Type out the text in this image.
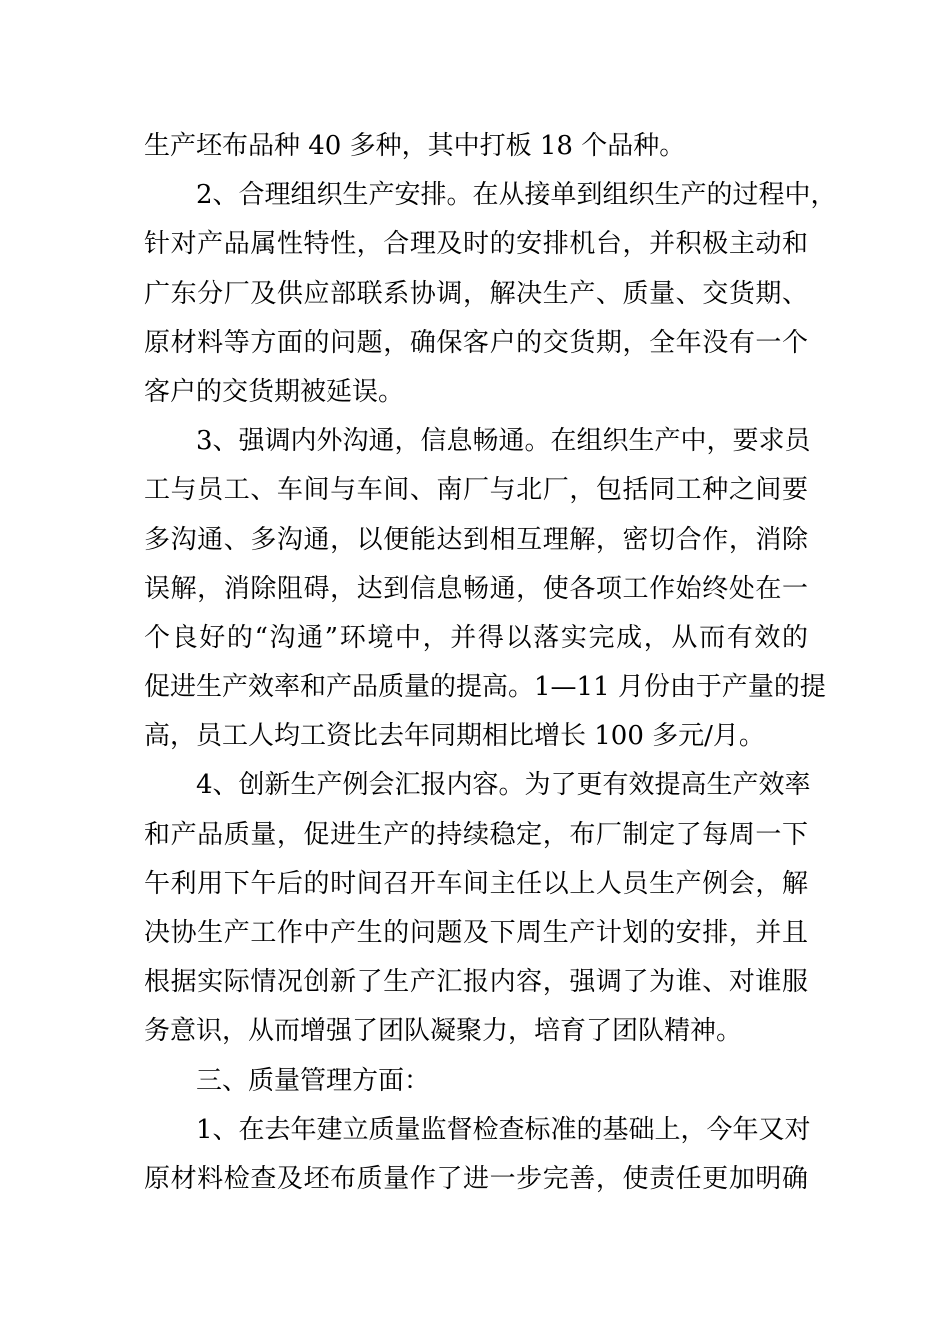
生产坯布品种 40 多种，其中打板 18 个品种。
2、合理组织生产安排。在从接单到组织生产的过程中，
针对产品属性特性，合理及时的安排机台，并积极主动和
广东分厂及供应部联系协调，解决生产、质量、交货期、
原材料等方面的问题，确保客户的交货期，全年没有一个
客户的交货期被延误。
3、强调内外沟通，信息畅通。在组织生产中，要求员
工与员工、车间与车间、南厂与北厂，包括同工种之间要
多沟通、多沟通，以便能达到相互理解，密切合作，消除
误解，消除阻碍，达到信息畅通，使各项工作始终处在一
个良好的“沟通”环境中，并得以落实完成，从而有效的
促进生产效率和产品质量的提高。1—11 月份由于产量的提
高，员工人均工资比去年同期相比增长 100 多元/月。
4、创新生产例会汇报内容。为了更有效提高生产效率
和产品质量，促进生产的持续稳定，布厂制定了每周一下
午利用下午后的时间召开车间主任以上人员生产例会，解
决协生产工作中产生的问题及下周生产计划的安排，并且
根据实际情况创新了生产汇报内容，强调了为谁、对谁服
务意识，从而增强了团队凝聚力，培育了团队精神。
三、质量管理方面：
1、在去年建立质量监督检查标准的基础上，今年又对
原材料检查及坯布质量作了进一步完善，使责任更加明确
